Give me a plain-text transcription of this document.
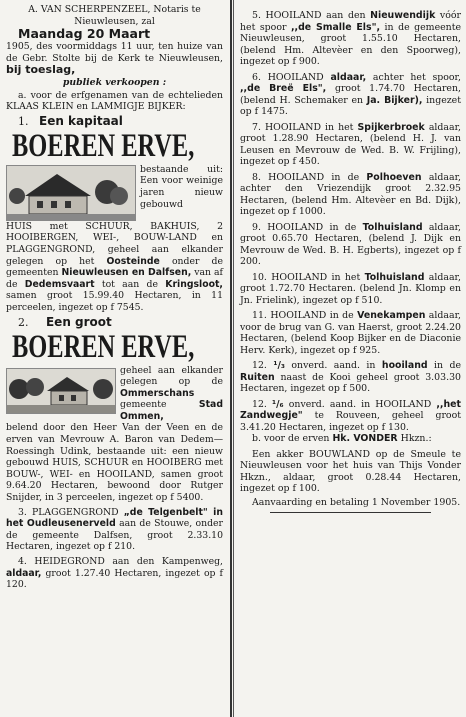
A. VAN SCHERPENZEEL, Notaris te Nieuwleusen, zal

Maandag 20 Maart

1905, des voormiddags 11 uur, ten huize van de Gebr. Stolte bij de Kerk te Nieuwleusen, bij toeslag,

publiek verkoopen :

a. voor de erfgenamen van de echtelieden KLAAS KLEIN en LAMMIGJE BIJKER:

1. Een kapitaal

BOEREN ERVE,

bestaande uit: Een voor weinige jaren nieuw gebouwd

HUIS met SCHUUR, BAKHUIS, 2 HOOIBERGEN, WEI-, BOUW-LAND en PLAGGENGROND, geheel aan elkander gelegen op het Oosteinde onder de gemeenten Nieuwleusen en Dalfsen, van af de Dedemsvaart tot aan de Kringsloot, samen groot 15.99.40 Hectaren, in 11 perceelen, ingezet op f 7545.

2. Een groot

BOEREN ERVE,

geheel aan elkander gelegen op de Ommerschans gemeente	Stad Ommen,

belend door den Heer Van der Veen en de erven van Mevrouw A. Baron van Dedem—Roessingh Udink, bestaande uit: een nieuw gebouwd HUIS, SCHUUR en HOOIBERG met BOUW-, WEI- en HOOILAND, samen groot 9.64.20 Hectaren, bewoond door Rutger Snijder, in 3 perceelen, ingezet op f 5400.

3. PLAGGENGROND „de Telgenbelt" in het Oudleusenerveld aan de Stouwe, onder de gemeente Dalfsen, groot 2.33.10 Hectaren, ingezet op f 210.

4. HEIDEGROND aan den Kampenweg, aldaar, groot 1.27.40 Hectaren, ingezet op f 120.

5. HOOILAND aan den Nieuwendijk vóór het spoor ,,de Smalle Els", in de gemeente Nieuwleusen, groot 1.55.10 Hectaren, (belend Hm. Altevèer en den Spoorweg), ingezet op f 900.

6. HOOILAND aldaar, achter het spoor, ,,de Breë Els", groot 1.74.70 Hectaren, (belend H. Schemaker en Ja. Bijker), ingezet op f 1475.

7. HOOILAND in het Spijkerbroek aldaar, groot 1.28.90 Hectaren, (belend H. J. van Leusen en Mevrouw de Wed. B. W. Frijling), ingezet op f 450.

8. HOOILAND in de Polhoeven aldaar, achter den Vriezendijk groot 2.32.95 Hectaren, (belend Hm. Altevèer en Bd. Dijk), ingezet op f 1000.

9. HOOILAND in de Tolhuisland aldaar, groot 0.65.70 Hectaren, (belend J. Dijk en Mevrouw de Wed. B. H. Egberts), ingezet op f 200.

10. HOOILAND in het Tolhuisland aldaar, groot 1.72.70 Hectaren. (belend Jn. Klomp en Jn. Frielink), ingezet op f 510.

11. HOOILAND in de Venekampen aldaar, voor de brug van G. van Haerst, groot 2.24.20 Hectaren, (belend Koop Bijker en de Diaconie Herv. Kerk), ingezet op f 925.

12. ¹/₃ onverd. aand. in hooiland in de Ruiten naast de Kooi geheel groot 3.03.30 Hectaren, ingezet op f 500.

12. ¹/₆ onverd. aand. in HOOILAND ,,het Zandwegje" te Rouveen, geheel groot 3.41.20 Hectaren, ingezet op f 130.

b. voor de erven Hk. VONDER Hkzn.:

Een akker BOUWLAND op de Smeule te Nieuwleusen voor het huis van Thijs Vonder Hkzn., aldaar, groot 0.28.44 Hectaren, ingezet op f 100.

Aanvaarding en betaling 1 November 1905.
